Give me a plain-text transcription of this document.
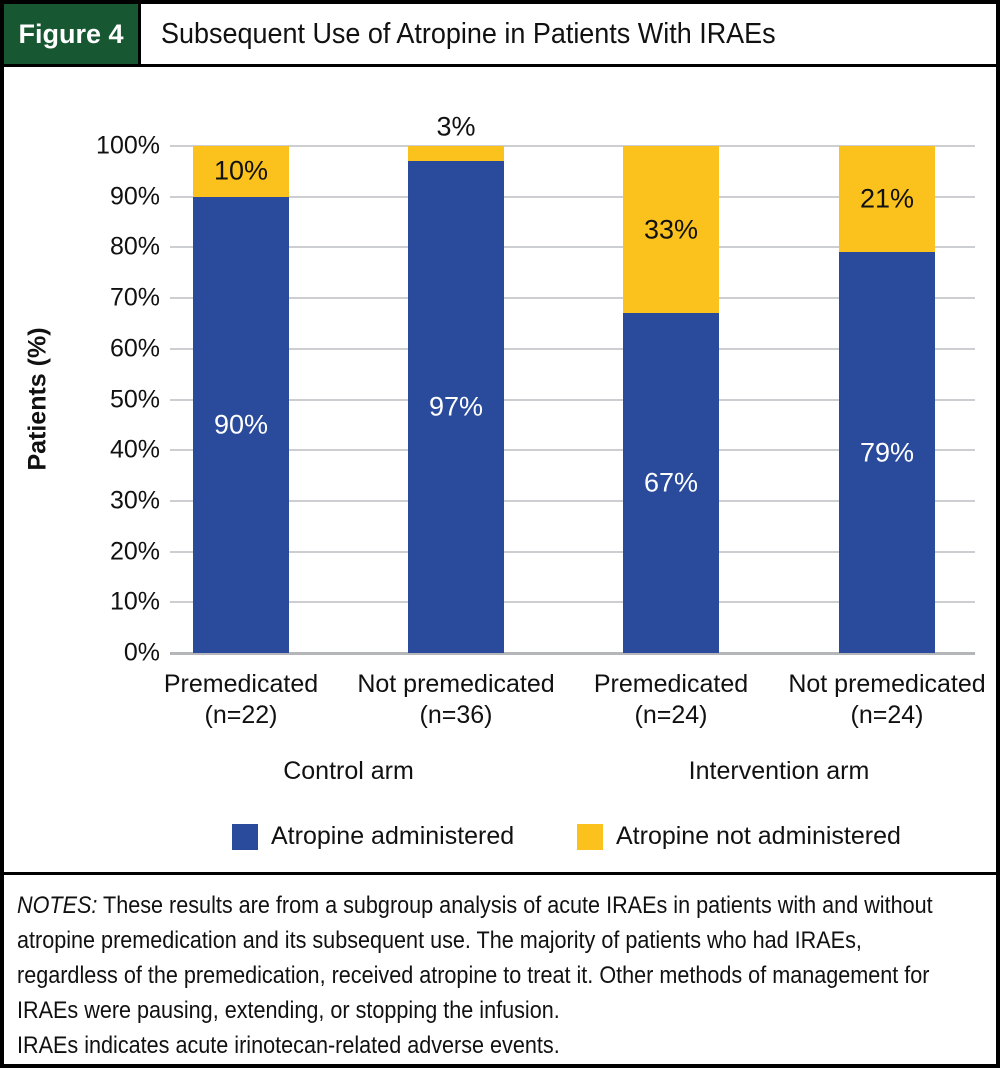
Figure 4	Subsequent Use of Atropine in Patients With IRAEs
Patients (%)
Atropine administered	Atropine not administered
100%
90%
80%
70%
60%
50%
40%
30%
20%
10%
0%
90%
10%
Premedicated
(n=22)
97%
3%
Not premedicated
(n=36)
67%
33%
Premedicated
(n=24)
79%
21%
Not premedicated
(n=24)
Control arm	Intervention arm
NOTES: These results are from a subgroup analysis of acute IRAEs in patients with and without
atropine premedication and its subsequent use. The majority of patients who had IRAEs,
regardless of the premedication, received atropine to treat it. Other methods of management for
IRAEs were pausing, extending, or stopping the infusion.
IRAEs indicates acute irinotecan-related adverse events.
